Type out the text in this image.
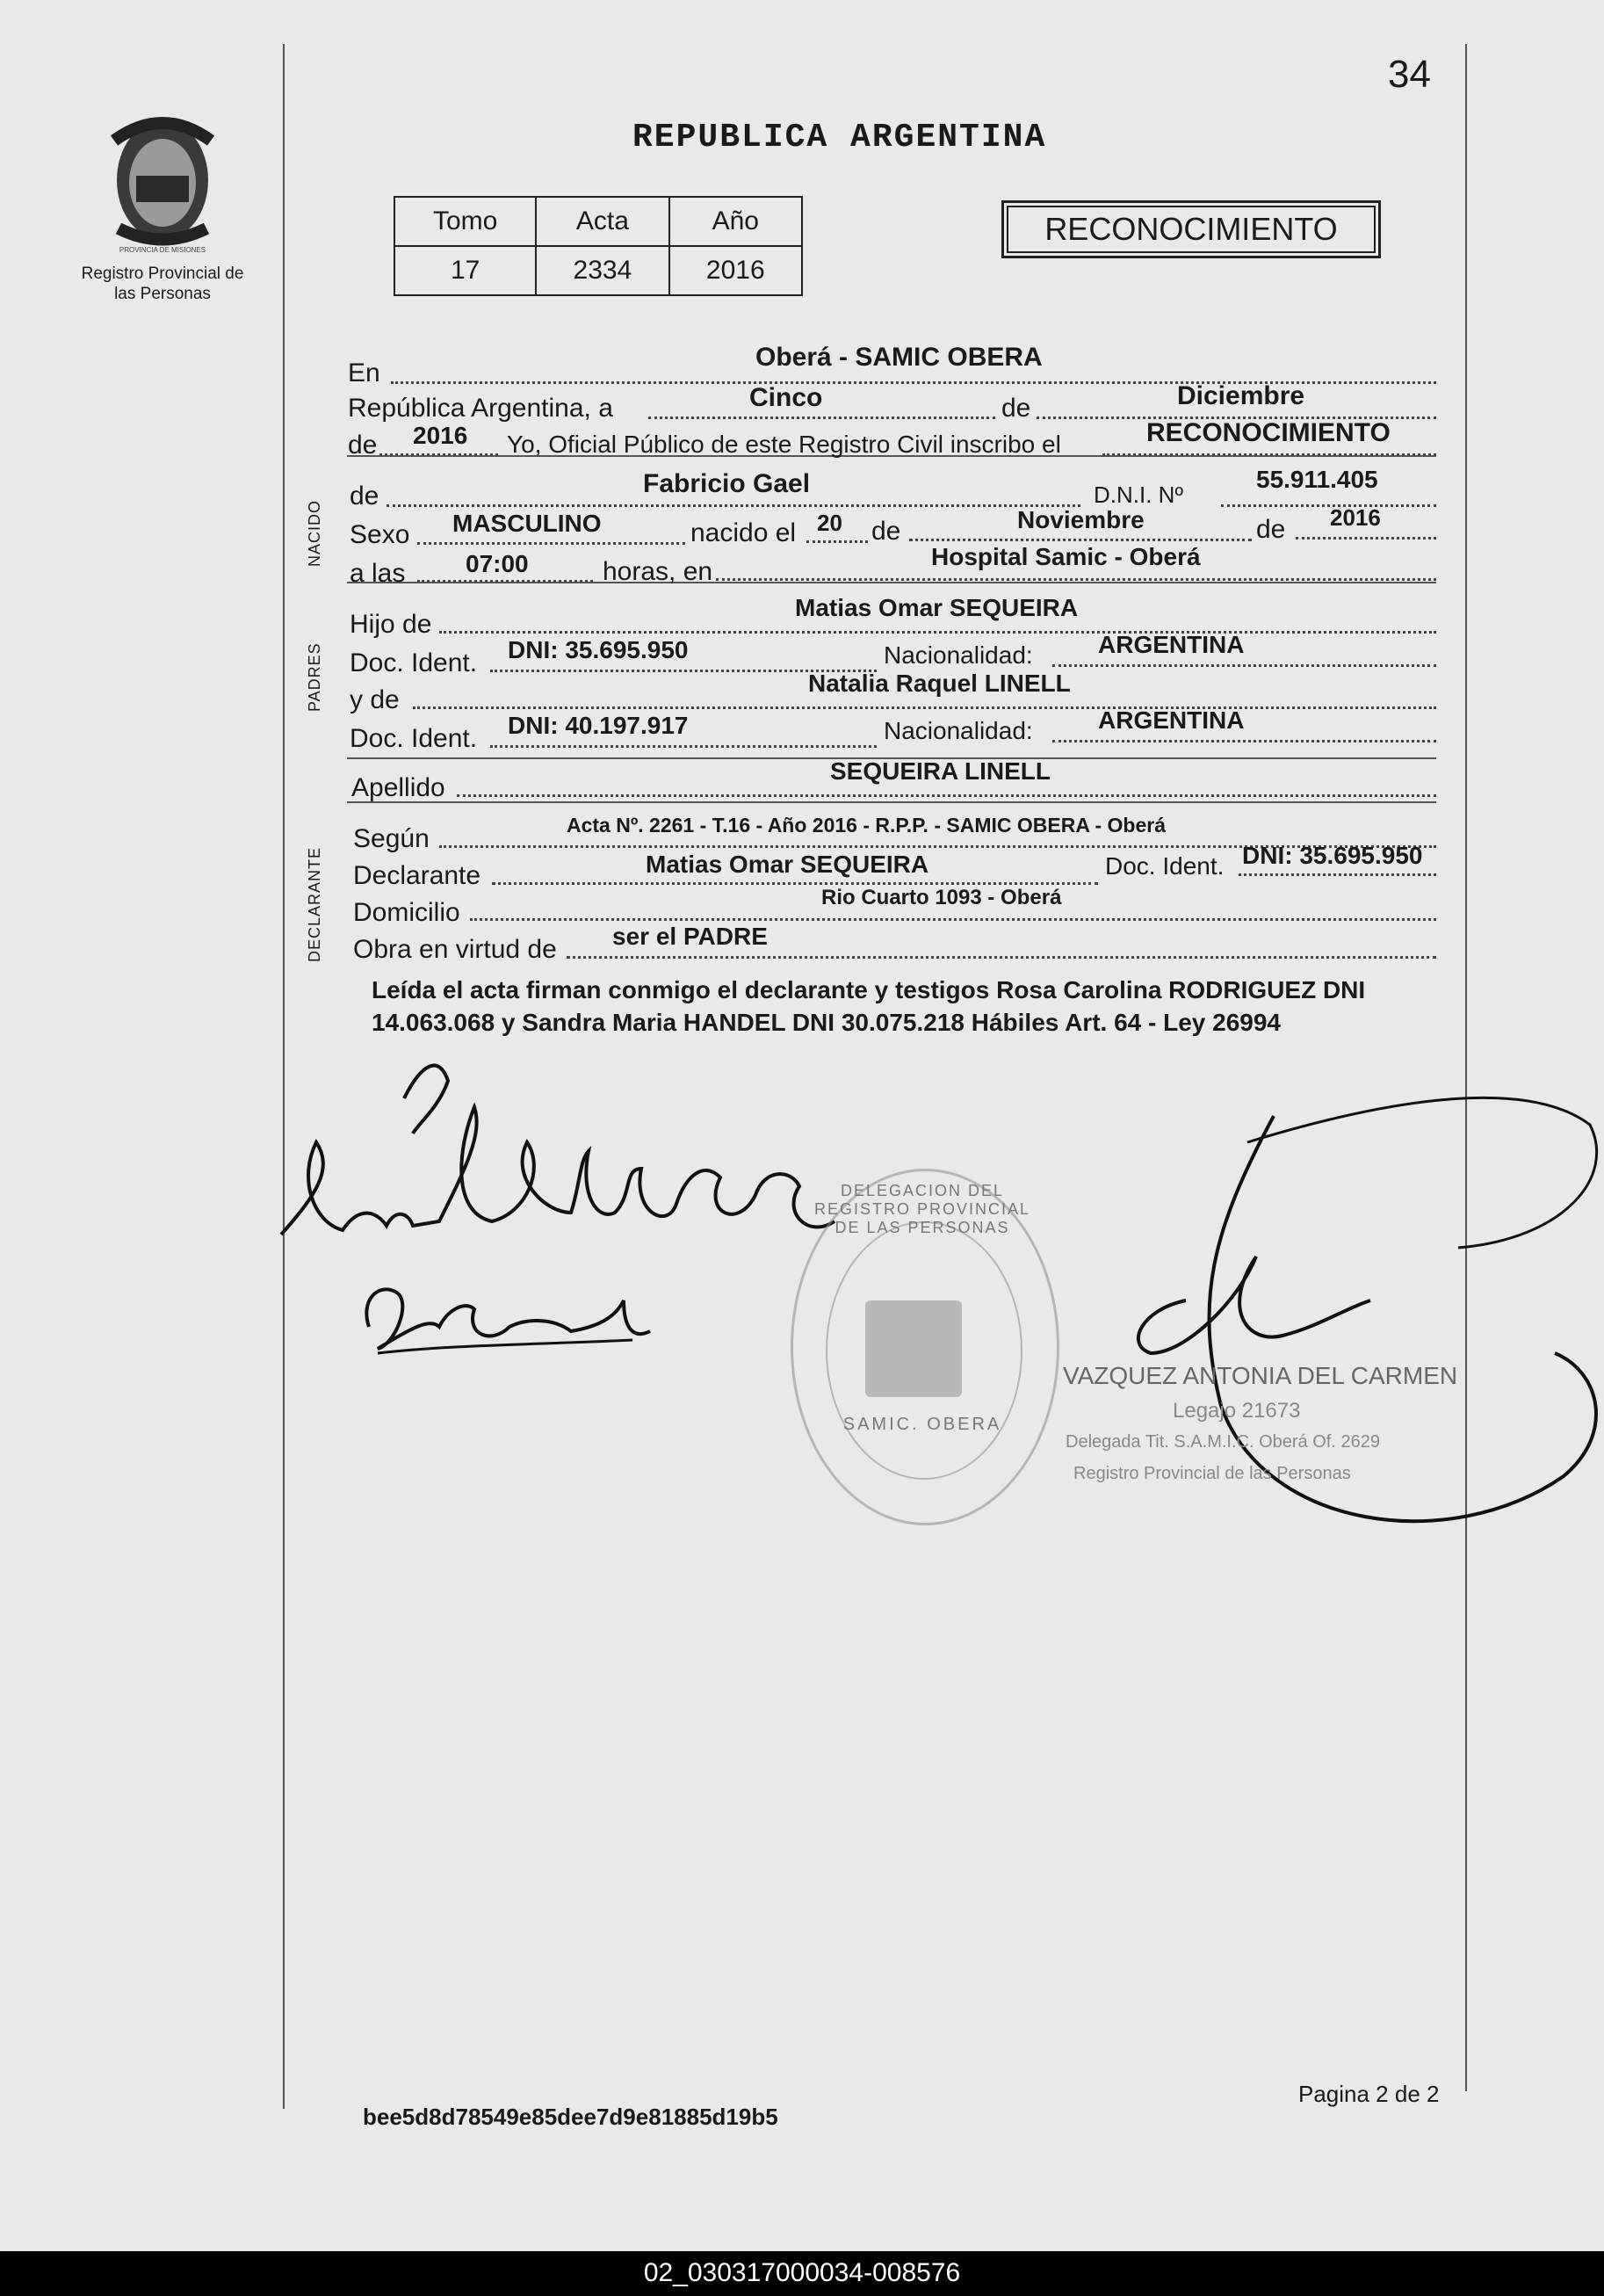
34
PROVINCIA DE MISIONES
Registro Provincial de las Personas
REPUBLICA ARGENTINA
Tomo	Acta	Año
17	2334	2016
RECONOCIMIENTO
NACIDO
PADRES
DECLARANTE
En
Oberá - SAMIC OBERA
República Argentina, a	Cinco	de	Diciembre
de 2016 Yo, Oficial Público de este Registro Civil inscribo el	RECONOCIMIENTO
de	Fabricio Gael	D.N.I. Nº
55.911.405
Sexo MASCULINO	nacido el 20 de	Noviembre	de 2016
a las 07:00	horas, en
Hospital Samic - Oberá
Hijo de
Matias Omar SEQUEIRA
Doc. Ident. DNI: 35.695.950	Nacionalidad:	ARGENTINA
y de
Natalia Raquel LINELL
Doc. Ident. DNI: 40.197.917	Nacionalidad:	ARGENTINA
Apellido
SEQUEIRA LINELL
Según	Acta Nº. 2261 - T.16 - Año 2016 - R.P.P. - SAMIC OBERA - Oberá
Declarante	Matias Omar SEQUEIRA	Doc. Ident. DNI: 35.695.950
Domicilio
Rio Cuarto 1093 - Oberá
Obra en virtud de ser el PADRE
Leída el acta firman conmigo el declarante y testigos Rosa Carolina RODRIGUEZ DNI 14.063.068 y Sandra Maria HANDEL DNI 30.075.218 Hábiles Art. 64 - Ley 26994
DELEGACION DEL REGISTRO PROVINCIAL DE LAS PERSONAS
SAMIC. OBERA
VAZQUEZ ANTONIA DEL CARMEN
Legajo 21673
Delegada Tit. S.A.M.I.C. Oberá Of. 2629
Registro Provincial de las Personas
Pagina 2 de 2
bee5d8d78549e85dee7d9e81885d19b5
02_030317000034-008576
